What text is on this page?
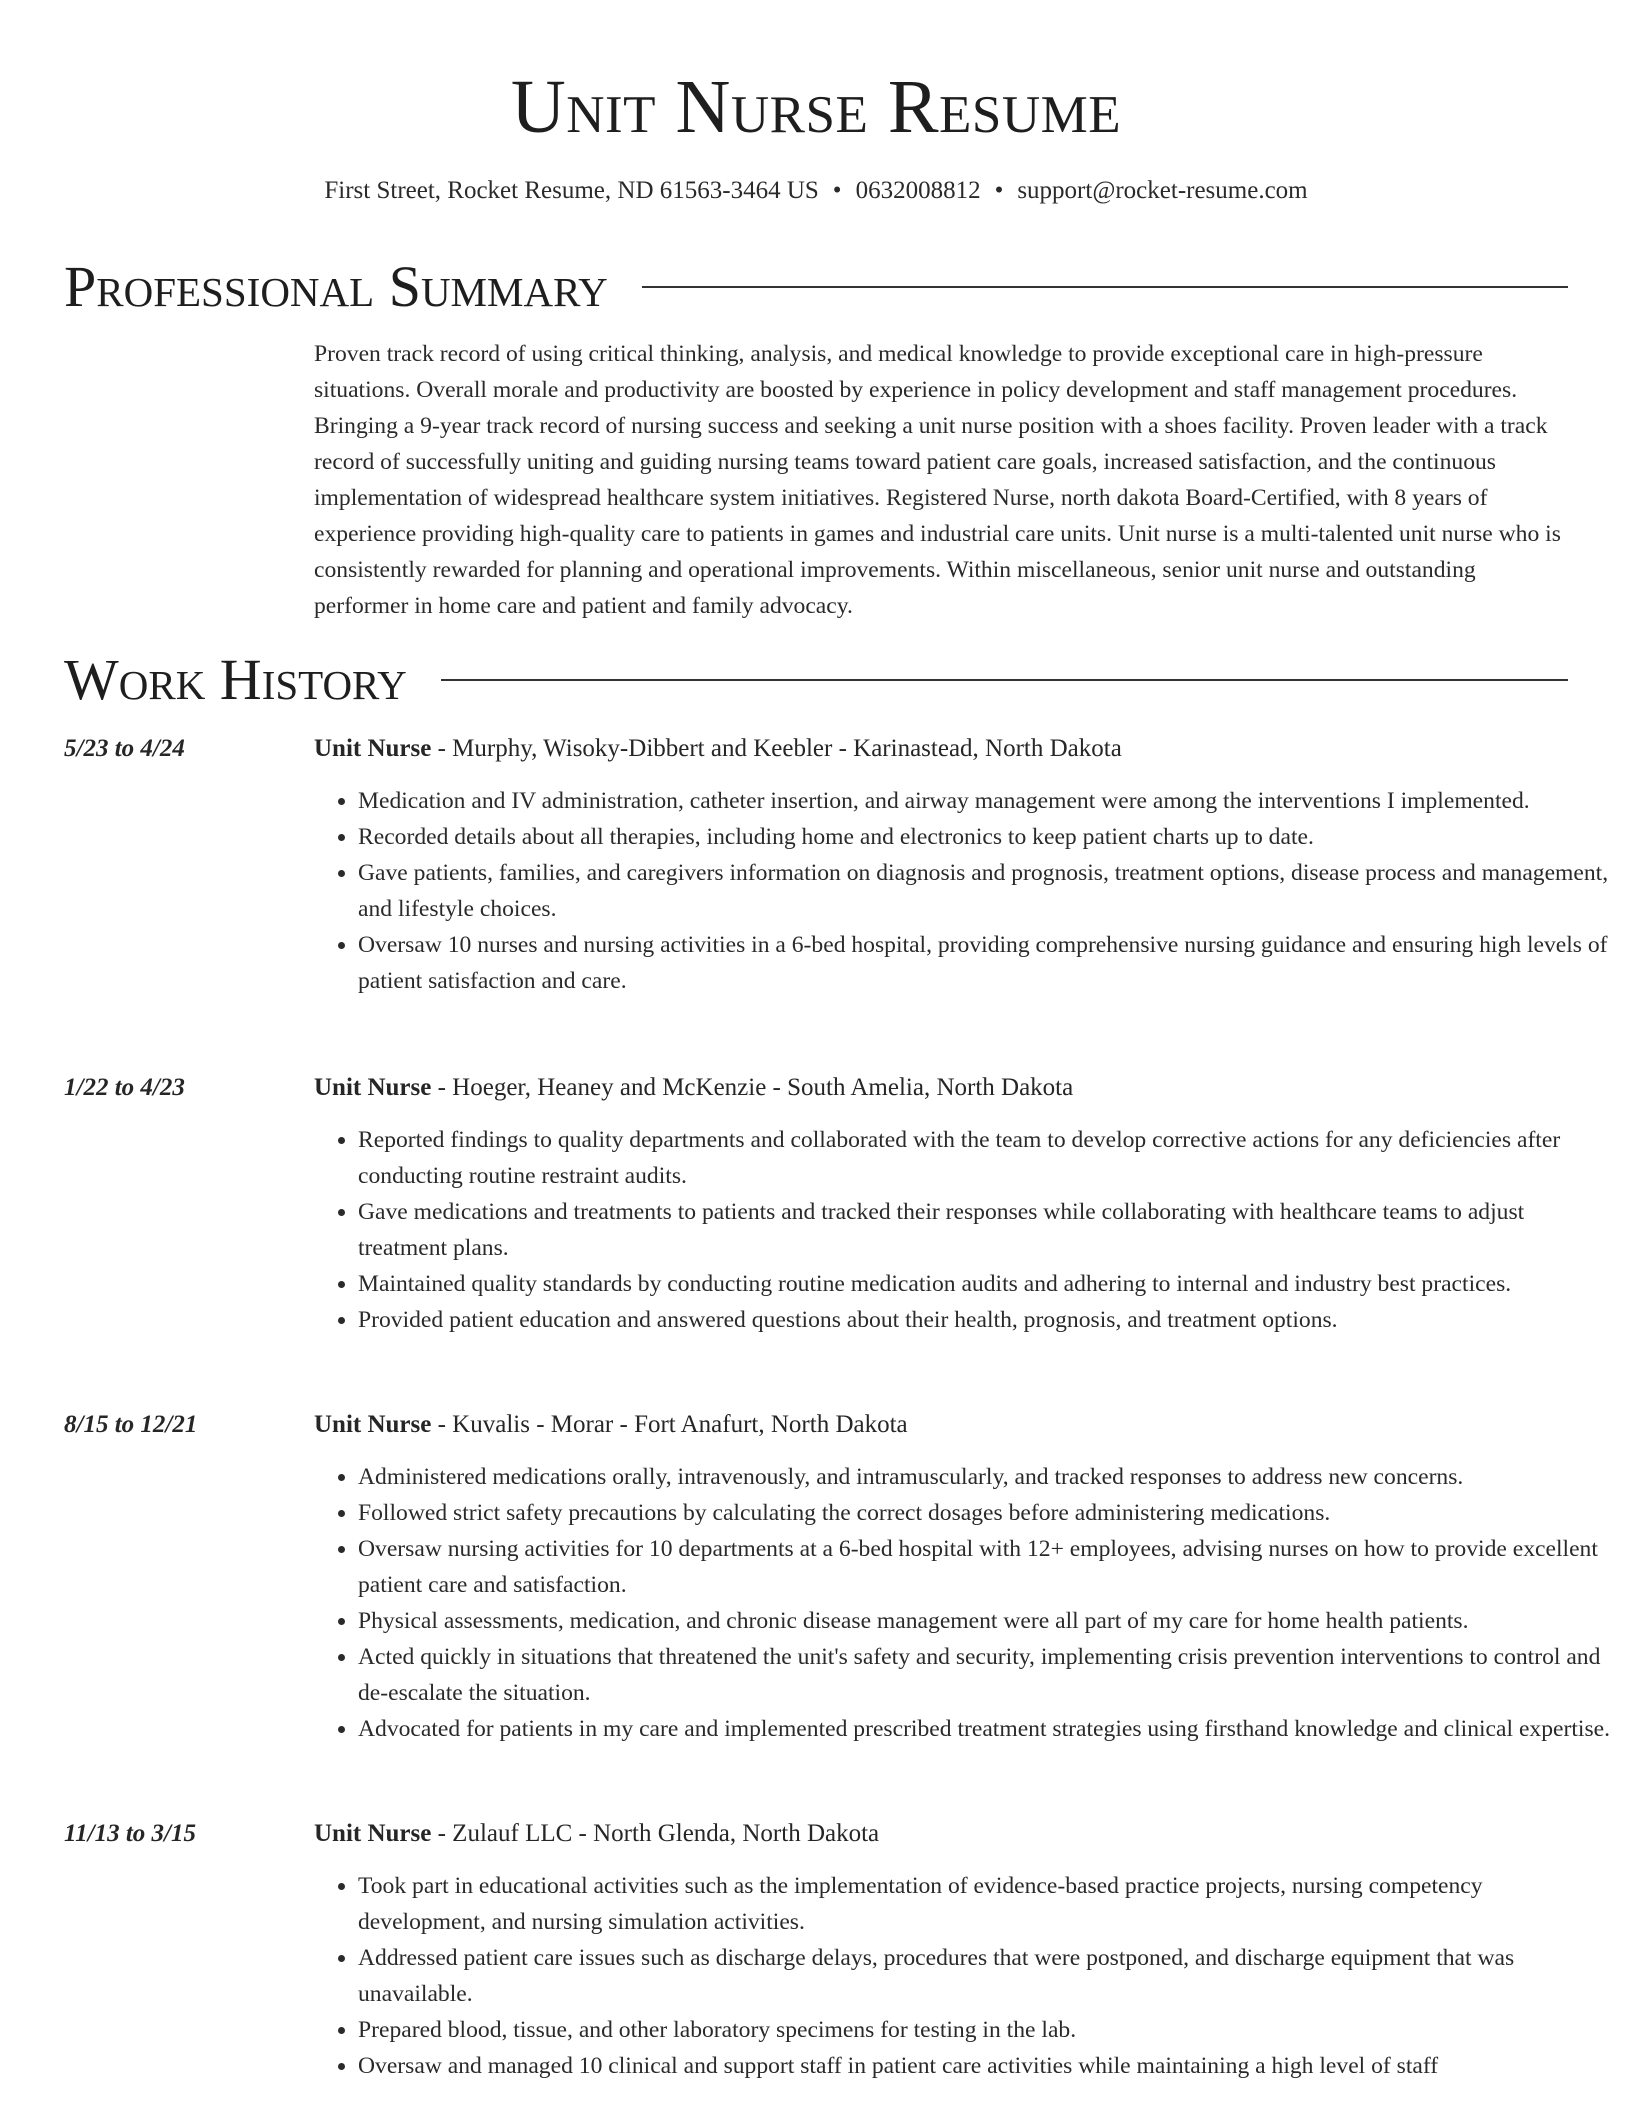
Unit Nurse Resume
First Street, Rocket Resume, ND 61563-3464 US • 0632008812 • support@rocket-resume.com
Professional Summary

Proven track record of using critical thinking, analysis, and medical knowledge to provide exceptional care in high-pressure situations. Overall morale and productivity are boosted by experience in policy development and staff management procedures. Bringing a 9-year track record of nursing success and seeking a unit nurse position with a shoes facility. Proven leader with a track record of successfully uniting and guiding nursing teams toward patient care goals, increased satisfaction, and the continuous implementation of widespread healthcare system initiatives. Registered Nurse, north dakota Board-Certified, with 8 years of experience providing high-quality care to patients in games and industrial care units. Unit nurse is a multi-talented unit nurse who is consistently rewarded for planning and operational improvements. Within miscellaneous, senior unit nurse and outstanding performer in home care and patient and family advocacy.

Work History
5/23 to 4/24	Unit Nurse - Murphy, Wisoky-Dibbert and Keebler - Karinastead, North Dakota
• Medication and IV administration, catheter insertion, and airway management were among the interventions I implemented.
• Recorded details about all therapies, including home and electronics to keep patient charts up to date.
• Gave patients, families, and caregivers information on diagnosis and prognosis, treatment options, disease process and management, and lifestyle choices.
• Oversaw 10 nurses and nursing activities in a 6-bed hospital, providing comprehensive nursing guidance and ensuring high levels of patient satisfaction and care.
1/22 to 4/23	Unit Nurse - Hoeger, Heaney and McKenzie - South Amelia, North Dakota
• Reported findings to quality departments and collaborated with the team to develop corrective actions for any deficiencies after conducting routine restraint audits.
• Gave medications and treatments to patients and tracked their responses while collaborating with healthcare teams to adjust treatment plans.
• Maintained quality standards by conducting routine medication audits and adhering to internal and industry best practices.
• Provided patient education and answered questions about their health, prognosis, and treatment options.
8/15 to 12/21	Unit Nurse - Kuvalis - Morar - Fort Anafurt, North Dakota
• Administered medications orally, intravenously, and intramuscularly, and tracked responses to address new concerns.
• Followed strict safety precautions by calculating the correct dosages before administering medications.
• Oversaw nursing activities for 10 departments at a 6-bed hospital with 12+ employees, advising nurses on how to provide excellent patient care and satisfaction.
• Physical assessments, medication, and chronic disease management were all part of my care for home health patients.
• Acted quickly in situations that threatened the unit's safety and security, implementing crisis prevention interventions to control and de-escalate the situation.
• Advocated for patients in my care and implemented prescribed treatment strategies using firsthand knowledge and clinical expertise.
11/13 to 3/15	Unit Nurse - Zulauf LLC - North Glenda, North Dakota
• Took part in educational activities such as the implementation of evidence-based practice projects, nursing competency development, and nursing simulation activities.
• Addressed patient care issues such as discharge delays, procedures that were postponed, and discharge equipment that was unavailable.
• Prepared blood, tissue, and other laboratory specimens for testing in the lab.
• Oversaw and managed 10 clinical and support staff in patient care activities while maintaining a high level of staff
